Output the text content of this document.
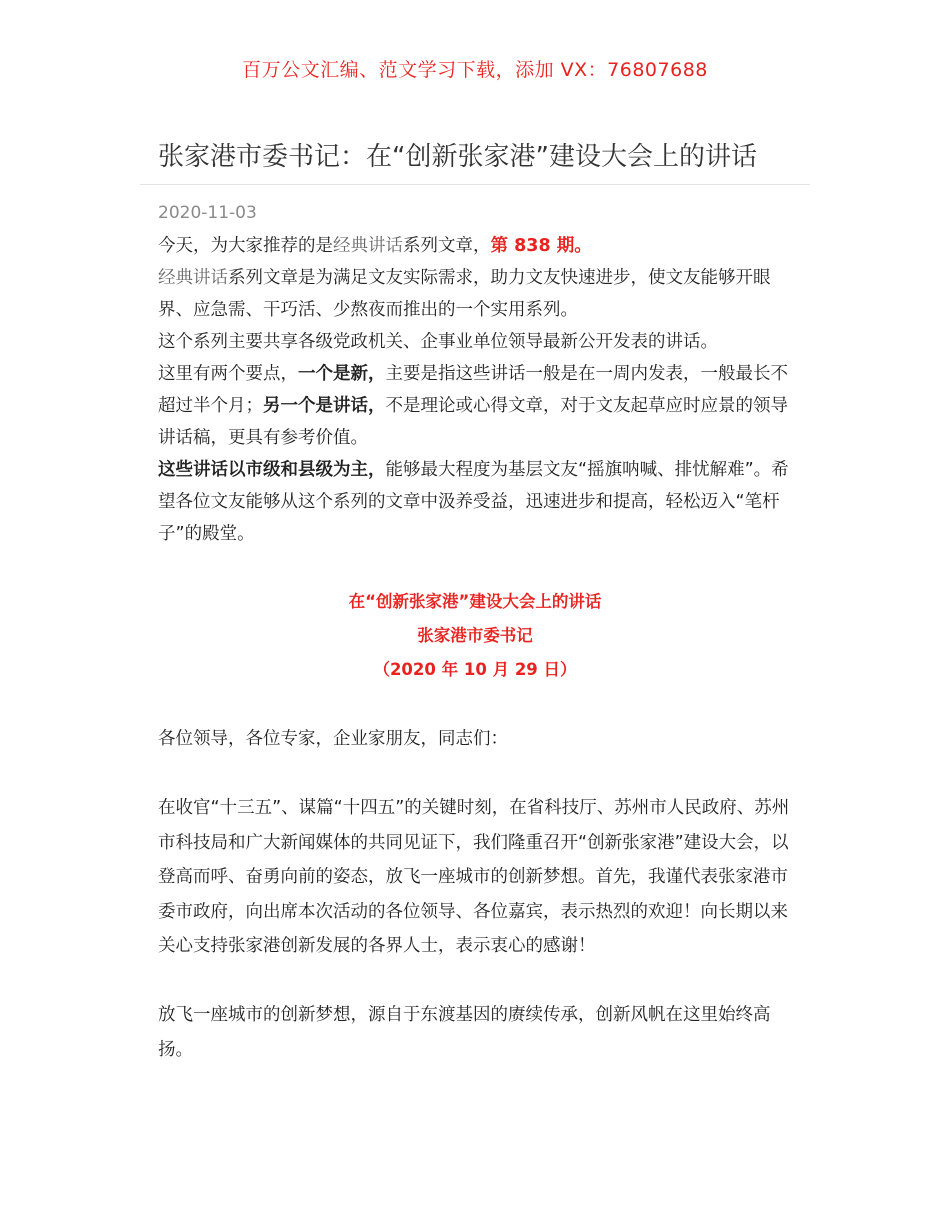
百万公文汇编、范文学习下载，添加 VX：76807688
张家港市委书记：在“创新张家港”建设大会上的讲话
2020-11-03

今天，为大家推荐的是经典讲话系列文章，第 838 期。

经典讲话系列文章是为满足文友实际需求，助力文友快速进步，使文友能够开眼界、应急需、干巧活、少熬夜而推出的一个实用系列。

这个系列主要共享各级党政机关、企事业单位领导最新公开发表的讲话。

这里有两个要点，一个是新，主要是指这些讲话一般是在一周内发表，一般最长不超过半个月；另一个是讲话，不是理论或心得文章，对于文友起草应时应景的领导讲话稿，更具有参考价值。

这些讲话以市级和县级为主，能够最大程度为基层文友“摇旗呐喊、排忧解难”。希望各位文友能够从这个系列的文章中汲养受益，迅速进步和提高，轻松迈入“笔杆子”的殿堂。

在“创新张家港”建设大会上的讲话
张家港市委书记
（2020 年 10 月 29 日）
各位领导，各位专家，企业家朋友，同志们：

在收官“十三五”、谋篇“十四五”的关键时刻，在省科技厅、苏州市人民政府、苏州市科技局和广大新闻媒体的共同见证下，我们隆重召开“创新张家港”建设大会，以登高而呼、奋勇向前的姿态，放飞一座城市的创新梦想。首先，我谨代表张家港市委市政府，向出席本次活动的各位领导、各位嘉宾，表示热烈的欢迎！向长期以来关心支持张家港创新发展的各界人士，表示衷心的感谢！

放飞一座城市的创新梦想，源自于东渡基因的赓续传承，创新风帆在这里始终高扬。
